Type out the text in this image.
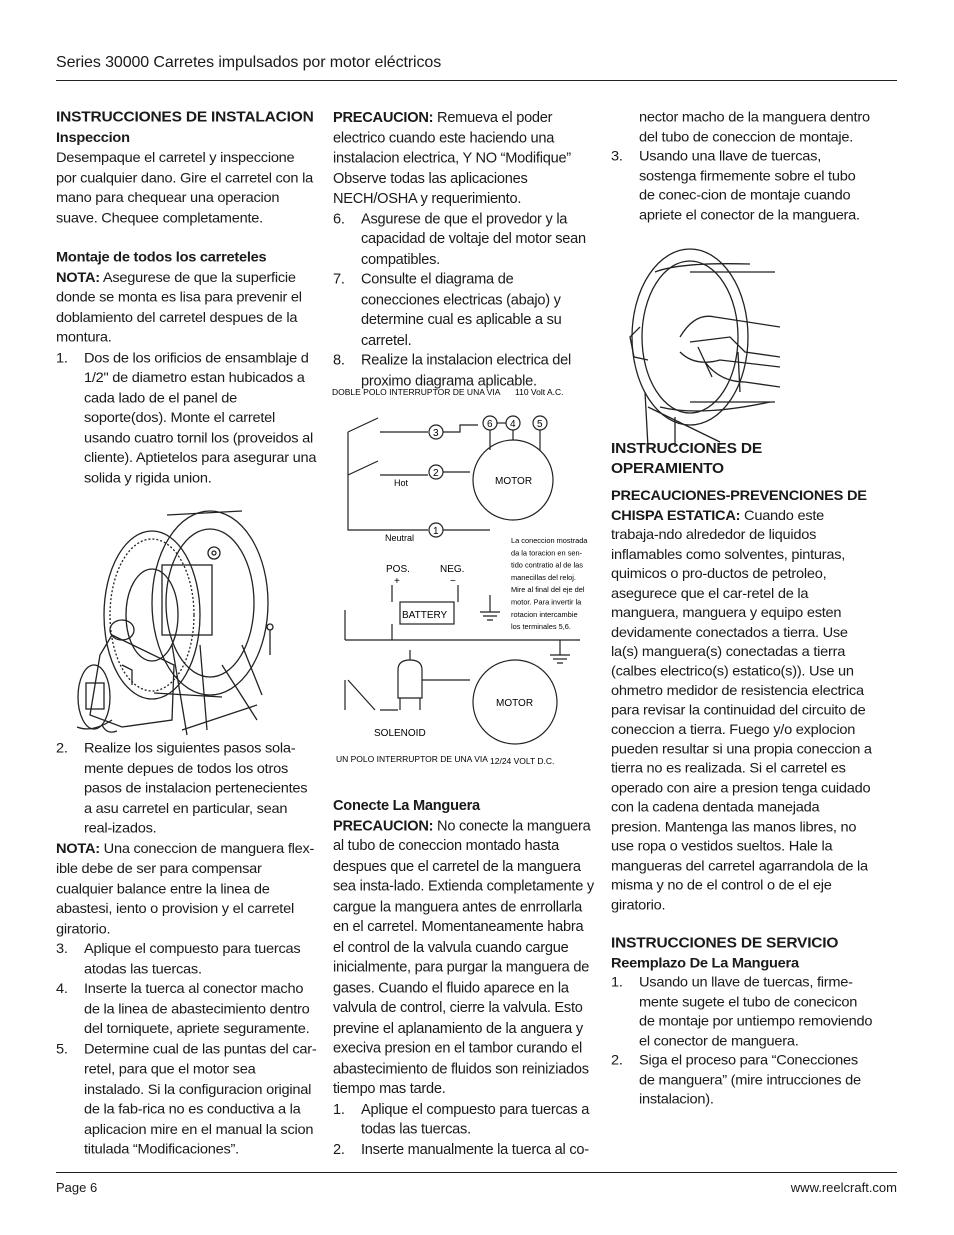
Series 30000 Carretes impulsados por motor eléctricos

INSTRUCCIONES DE INSTALACION

Inspeccion

Desempaque el carretel y inspeccione por cualquier dano. Gire el carretel con la mano para chequear una operacion suave. Chequee completamente.

Montaje de todos los carreteles

NOTA: Asegurese de que la superficie donde se monta es lisa para prevenir el doblamiento del carretel despues de la montura.

1. Dos de los orificios de ensamblaje d 1/2" de diametro estan hubicados a cada lado de el panel de soporte(dos). Monte el carretel usando cuatro tornil los (proveidos al cliente). Aptietelos para asegurar una solida y rigida union.
2. Realize los siguientes pasos sola-mente depues de todos los otros pasos de instalacion pertenecientes a asu carretel en particular, sean real-izados.

NOTA: Una coneccion de manguera flex-ible debe de ser para compensar cualquier balance entre la linea de abastesi, iento o provision y el carretel giratorio.

3. Aplique el compuesto para tuercas atodas las tuercas.
4. Inserte la tuerca al conector macho de la linea de abastecimiento dentro del torniquete, apriete seguramente.
5. Determine cual de las puntas del car-retel, para que el motor sea instalado. Si la configuracion original de la fab-rica no es conductiva a la aplicacion mire en el manual la scion titulada “Modificaciones”.

PRECAUCION: Remueva el poder electrico cuando este haciendo una instalacion electrica, Y NO “Modifique” Observe todas las aplicaciones NECH/OSHA y requerimiento.

6. Asgurese de que el provedor y la capacidad de voltaje del motor sean compatibles.
7. Consulte el diagrama de conecciones electricas (abajo) y determine cual es aplicable a su carretel.
8. Realize la instalacion electrica del proximo diagrama aplicable.

Conecte La Manguera

PRECAUCION: No conecte la manguera al tubo de coneccion montado hasta despues que el carretel de la manguera sea insta-lado. Extienda completamente y cargue la manguera antes de enrrollarla en el carretel. Momentaneamente habra el control de la valvula cuando cargue inicialmente, para purgar la manguera de gases. Cuando el fluido aparece en la valvula de control, cierre la valvula. Esto previne el aplanamiento de la anguera y execiva presion en el tambor curando el abastecimiento de fluidos son reiniziados tiempo mas tarde.

1. Aplique el compuesto para tuercas a todas las tuercas.
2. Inserte manualmente la tuerca al co-
DOBLE POLO INTERRUPTOR DE UNA VIA 110 Volt A.C.
3
2
1
6 4 5
Hot
Neutral
MOTOR
La coneccion mostrada
da la toracion en sen-
tido contratio al de las
manecillas del reloj.
Mire al final del eje del
motor. Para invertir la
rotacion intercambie
los terminales 5,6.
POS.	NEG.
+	−
BATTERY
MOTOR
SOLENOID
UN POLO INTERRUPTOR DE UNA VIA 12/24 VOLT D.C.

nector macho de la manguera dentro del tubo de coneccion de montaje.

3. Usando una llave de tuercas, sostenga firmemente sobre el tubo de conec-cion de montaje cuando apriete el conector de la manguera.

INSTRUCCIONES DE OPERAMIENTO

PRECAUCIONES-PREVENCIONES DE

CHISPA ESTATICA: Cuando este trabaja-ndo alrededor de liquidos inflamables como solventes, pinturas, quimicos o pro-ductos de petroleo, asegurece que el car-retel de la manguera, manguera y equipo esten devidamente conectados a tierra. Use la(s) manguera(s) conectadas a tierra (calbes electrico(s) estatico(s)). Use un ohmetro medidor de resistencia electrica para revisar la continuidad del circuito de coneccion a tierra. Fuego y/o explocion pueden resultar si una propia coneccion a tierra no es realizada. Si el carretel es operado con aire a presion tenga cuidado con la cadena dentada manejada presion. Mantenga las manos libres, no use ropa o vestidos sueltos. Hale la mangueras del carretel agarrandola de la misma y no de el control o de el eje giratorio.

INSTRUCCIONES DE SERVICIO

Reemplazo De La Manguera

1. Usando un llave de tuercas, firme-mente sugete el tubo de conecicon de montaje por untiempo removiendo el conector de manguera.
2. Siga el proceso para “Conecciones de manguera” (mire intrucciones de instalacion).
Page 6	www.reelcraft.com
